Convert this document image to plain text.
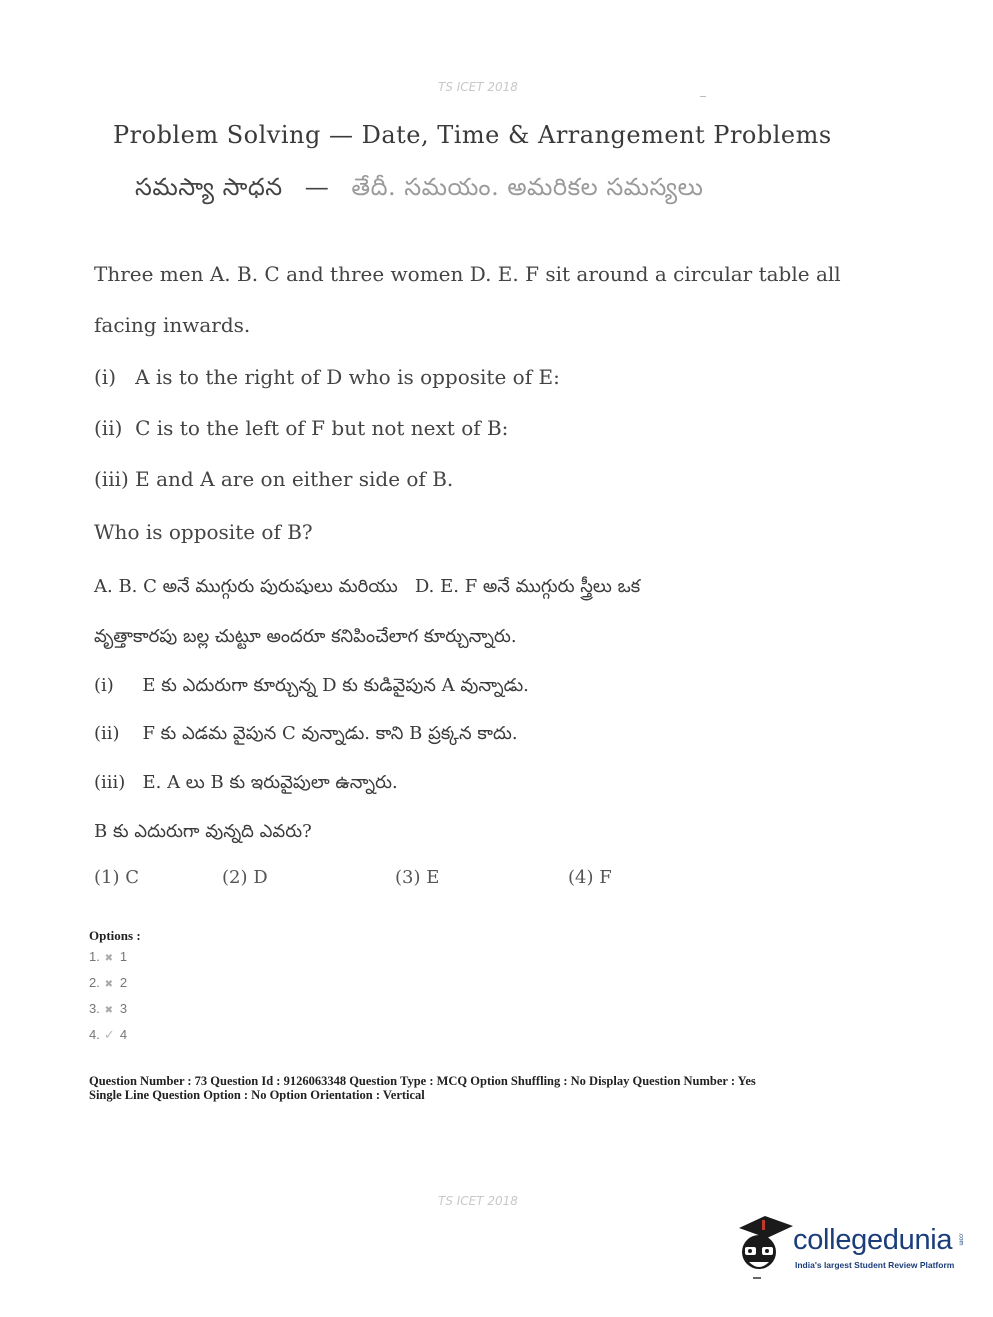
TS ICET 2018
Problem Solving — Date, Time & Arrangement Problems
సమస్యా సాధన — తేదీ. సమయం. అమరికల సమస్యలు
Three men A. B. C and three women D. E. F sit around a circular table all
facing inwards.
(i)   A is to the right of D who is opposite of E:
(ii)  C is to the left of F but not next of B:
(iii) E and A are on either side of B.
Who is opposite of B?
A. B. C అనే ముగ్గురు పురుషులు మరియు   D. E. F అనే ముగ్గురు స్త్రీలు ఒక
వృత్తాకారపు బల్ల చుట్టూ అందరూ కనిపించేలాగ కూర్చున్నారు.
(i)     E కు ఎదురుగా కూర్చున్న D కు కుడివైపున A వున్నాడు.
(ii)    F కు ఎడమ వైపున C వున్నాడు. కాని B ప్రక్కన కాదు.
(iii)   E. A లు B కు ఇరువైపులా ఉన్నారు.
B కు ఎదురుగా వున్నది ఎవరు?
(1) C	(2) D	(3) E	(4) F
Options :
1. ✖ 1
2. ✖ 2
3. ✖ 3
4. ✓ 4
Question Number : 73 Question Id : 9126063348 Question Type : MCQ Option Shuffling : No Display Question Number : Yes
Single Line Question Option : No Option Orientation : Vertical
TS ICET 2018
collegedunia .com
India's largest Student Review Platform
